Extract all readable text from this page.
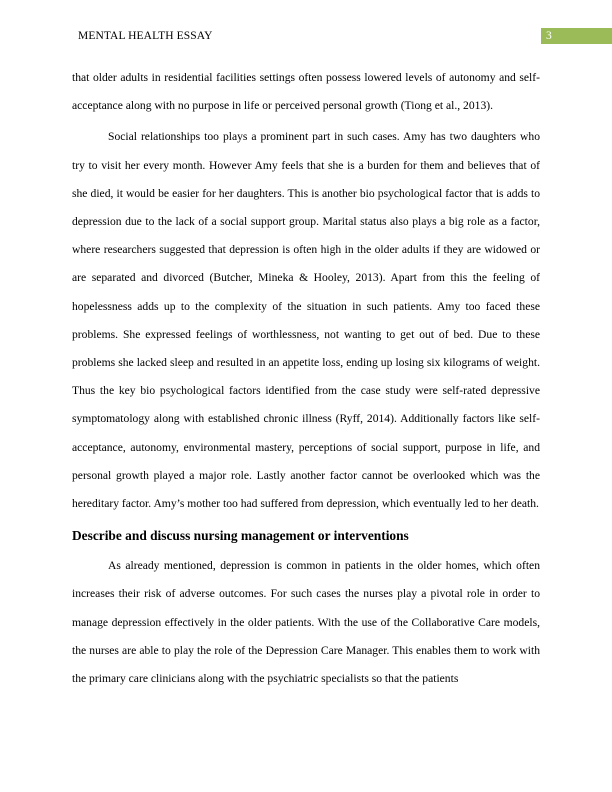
MENTAL HEALTH ESSAY	3

that older adults in residential facilities settings often possess lowered levels of autonomy and self-acceptance along with no purpose in life or perceived personal growth (Tiong et al., 2013).

Social relationships too plays a prominent part in such cases. Amy has two daughters who try to visit her every month. However Amy feels that she is a burden for them and believes that of she died, it would be easier for her daughters. This is another bio psychological factor that is adds to depression due to the lack of a social support group. Marital status also plays a big role as a factor, where researchers suggested that depression is often high in the older adults if they are widowed or are separated and divorced (Butcher, Mineka & Hooley, 2013). Apart from this the feeling of hopelessness adds up to the complexity of the situation in such patients. Amy too faced these problems. She expressed feelings of worthlessness, not wanting to get out of bed. Due to these problems she lacked sleep and resulted in an appetite loss, ending up losing six kilograms of weight. Thus the key bio psychological factors identified from the case study were self-rated depressive symptomatology along with established chronic illness (Ryff, 2014). Additionally factors like self-acceptance, autonomy, environmental mastery, perceptions of social support, purpose in life, and personal growth played a major role. Lastly another factor cannot be overlooked which was the hereditary factor. Amy’s mother too had suffered from depression, which eventually led to her death.

Describe and discuss nursing management or interventions

As already mentioned, depression is common in patients in the older homes, which often increases their risk of adverse outcomes. For such cases the nurses play a pivotal role in order to manage depression effectively in the older patients. With the use of the Collaborative Care models, the nurses are able to play the role of the Depression Care Manager. This enables them to work with the primary care clinicians along with the psychiatric specialists so that the patients
